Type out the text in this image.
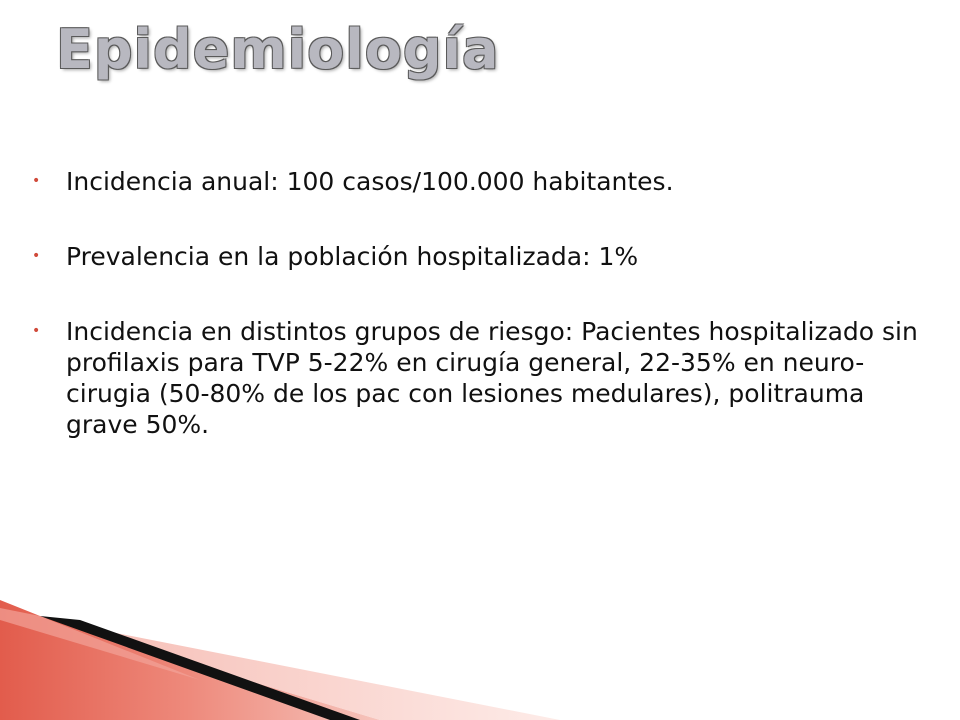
Epidemiología
• Incidencia anual: 100 casos/100.000 habitantes.
• Prevalencia en la población hospitalizada: 1%
• Incidencia en distintos grupos de riesgo: Pacientes hospitalizado sin profilaxis para TVP 5-22% en cirugía general, 22-35% en neuro-cirugia (50-80% de los pac con lesiones medulares), politrauma grave 50%.
